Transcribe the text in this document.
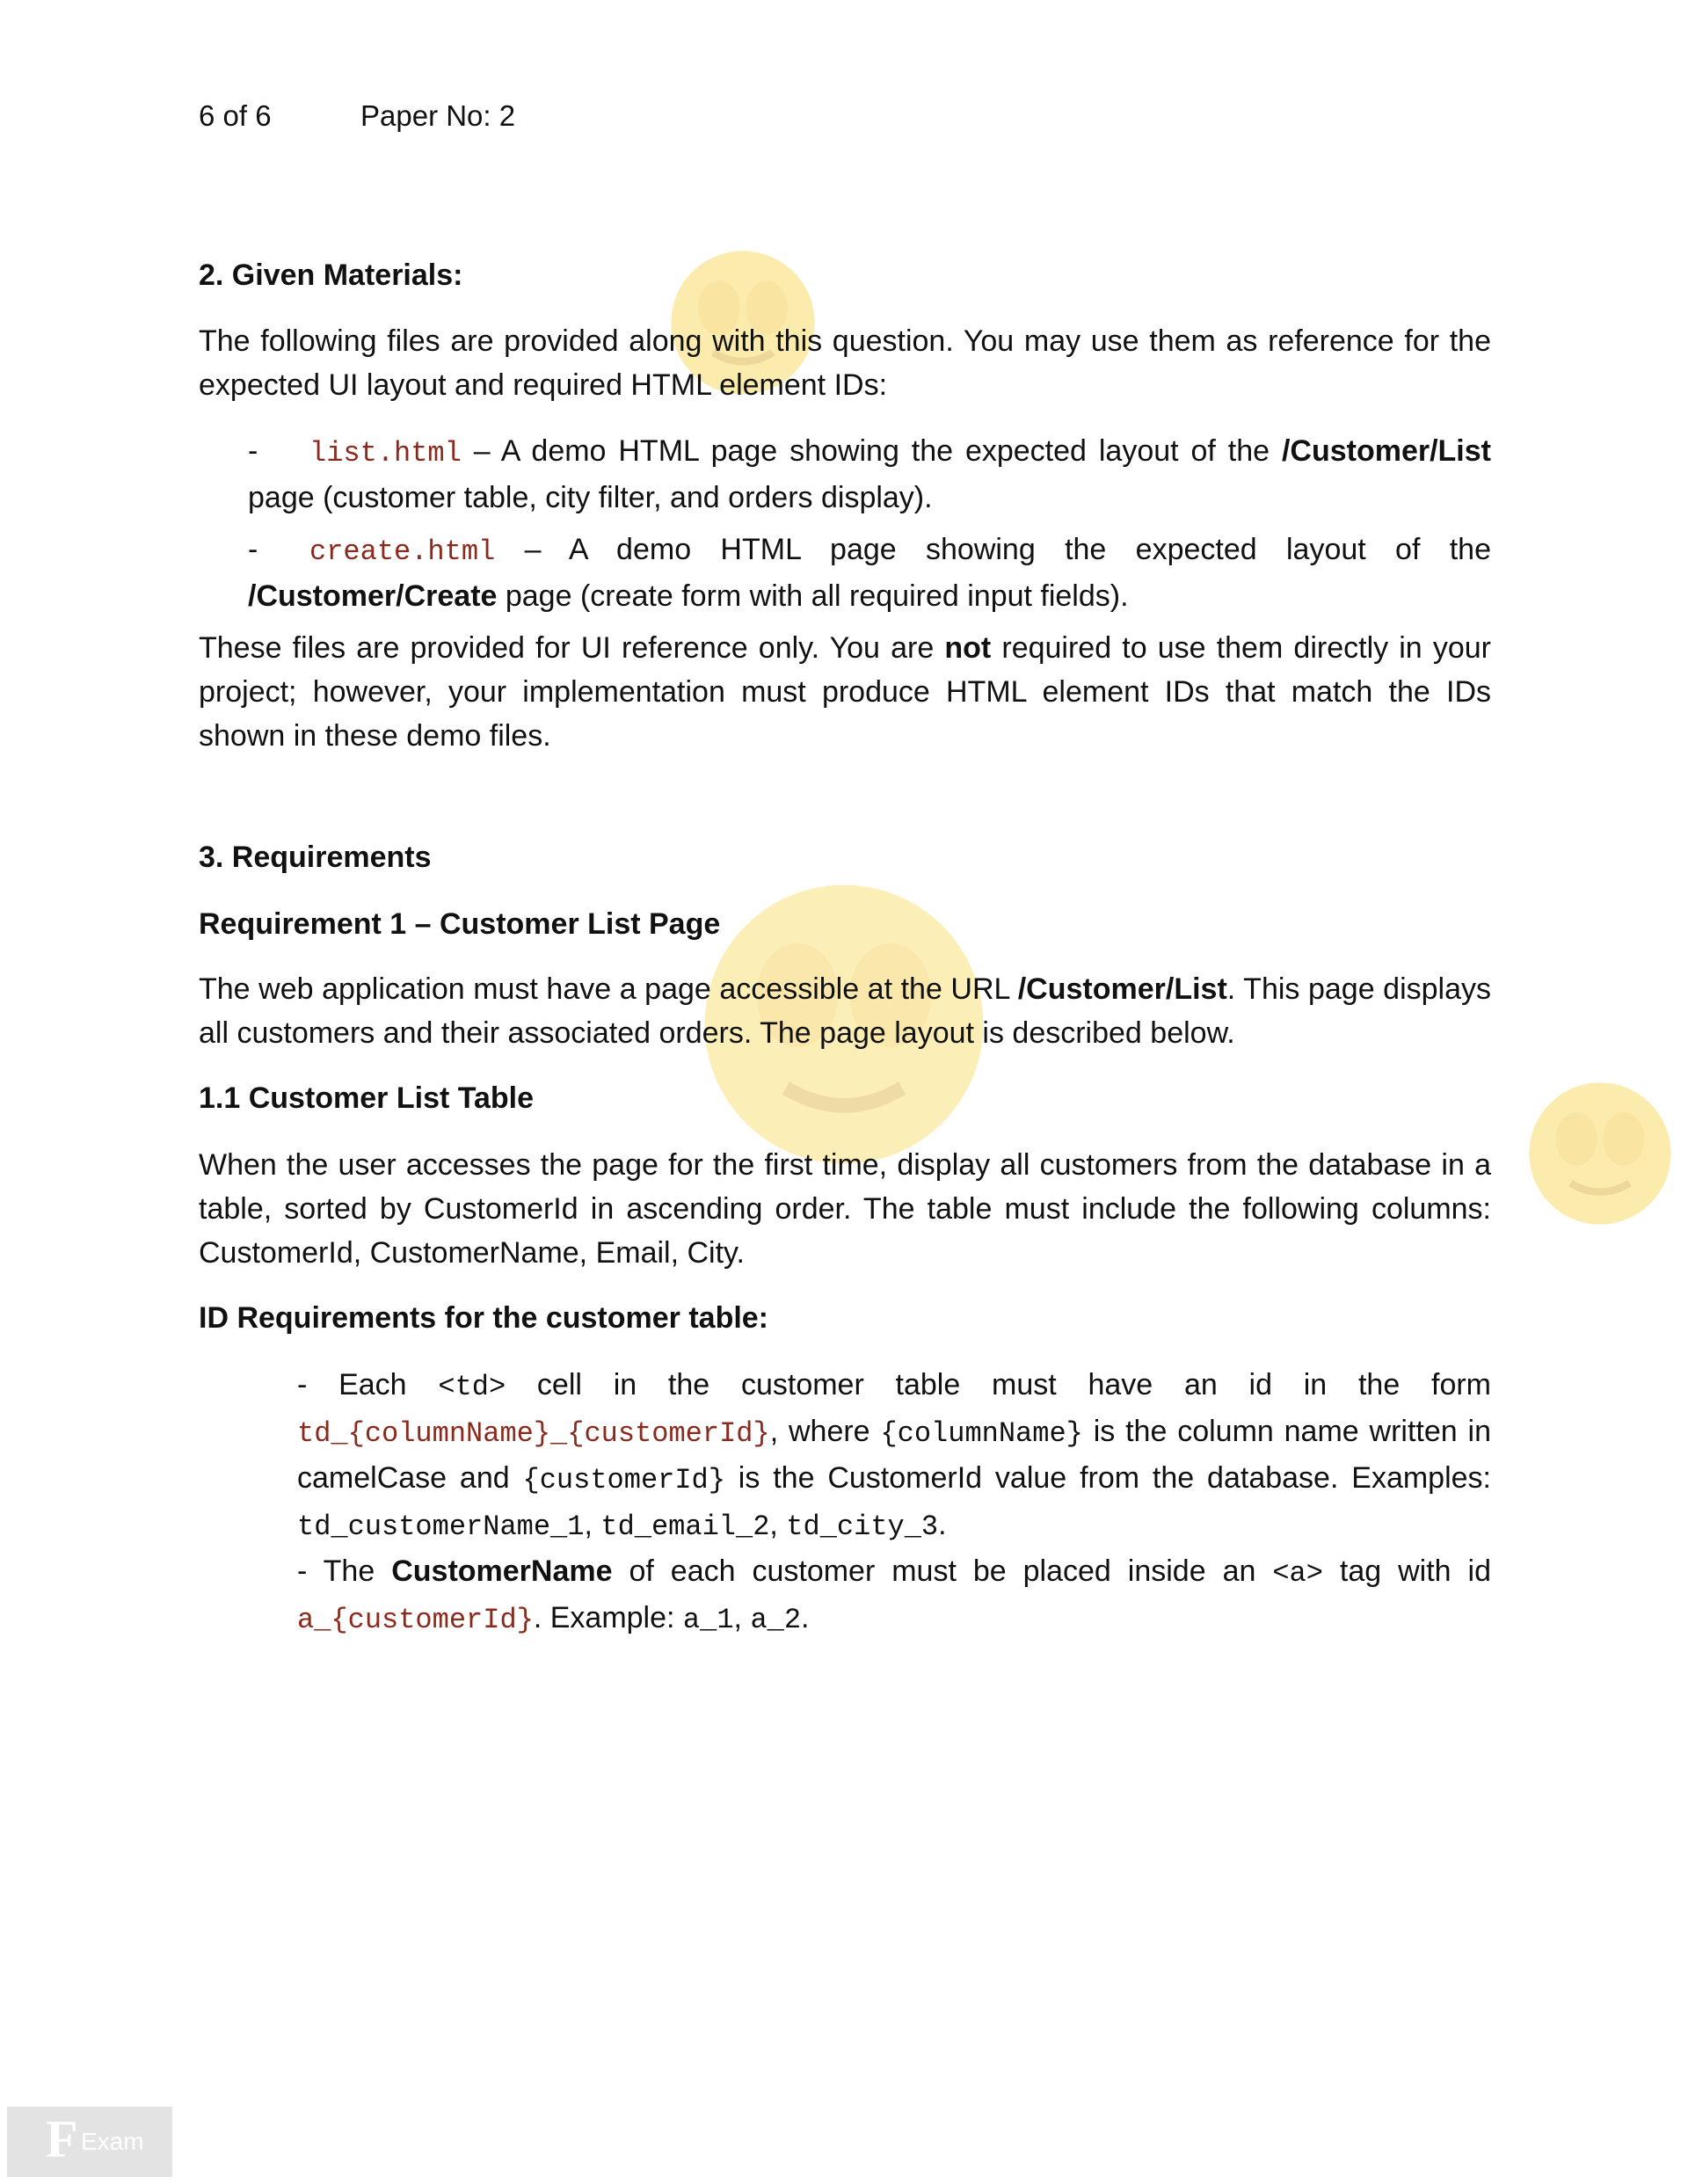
6 of 6	Paper No: 2
2. Given Materials:
The following files are provided along with this question. You may use them as reference for the expected UI layout and required HTML element IDs:
- list.html – A demo HTML page showing the expected layout of the /Customer/List page (customer table, city filter, and orders display).
- create.html – A demo HTML page showing the expected layout of the /Customer/Create page (create form with all required input fields).
These files are provided for UI reference only. You are not required to use them directly in your project; however, your implementation must produce HTML element IDs that match the IDs shown in these demo files.
3. Requirements
Requirement 1 – Customer List Page
The web application must have a page accessible at the URL /Customer/List. This page displays all customers and their associated orders. The page layout is described below.
1.1 Customer List Table
When the user accesses the page for the first time, display all customers from the database in a table, sorted by CustomerId in ascending order. The table must include the following columns: CustomerId, CustomerName, Email, City.
ID Requirements for the customer table:
- Each <td> cell in the customer table must have an id in the form td_{columnName}_{customerId}, where {columnName} is the column name written in camelCase and {customerId} is the CustomerId value from the database. Examples: td_customerName_1, td_email_2, td_city_3.
- The CustomerName of each customer must be placed inside an <a> tag with id a_{customerId}. Example: a_1, a_2.
F Exam
